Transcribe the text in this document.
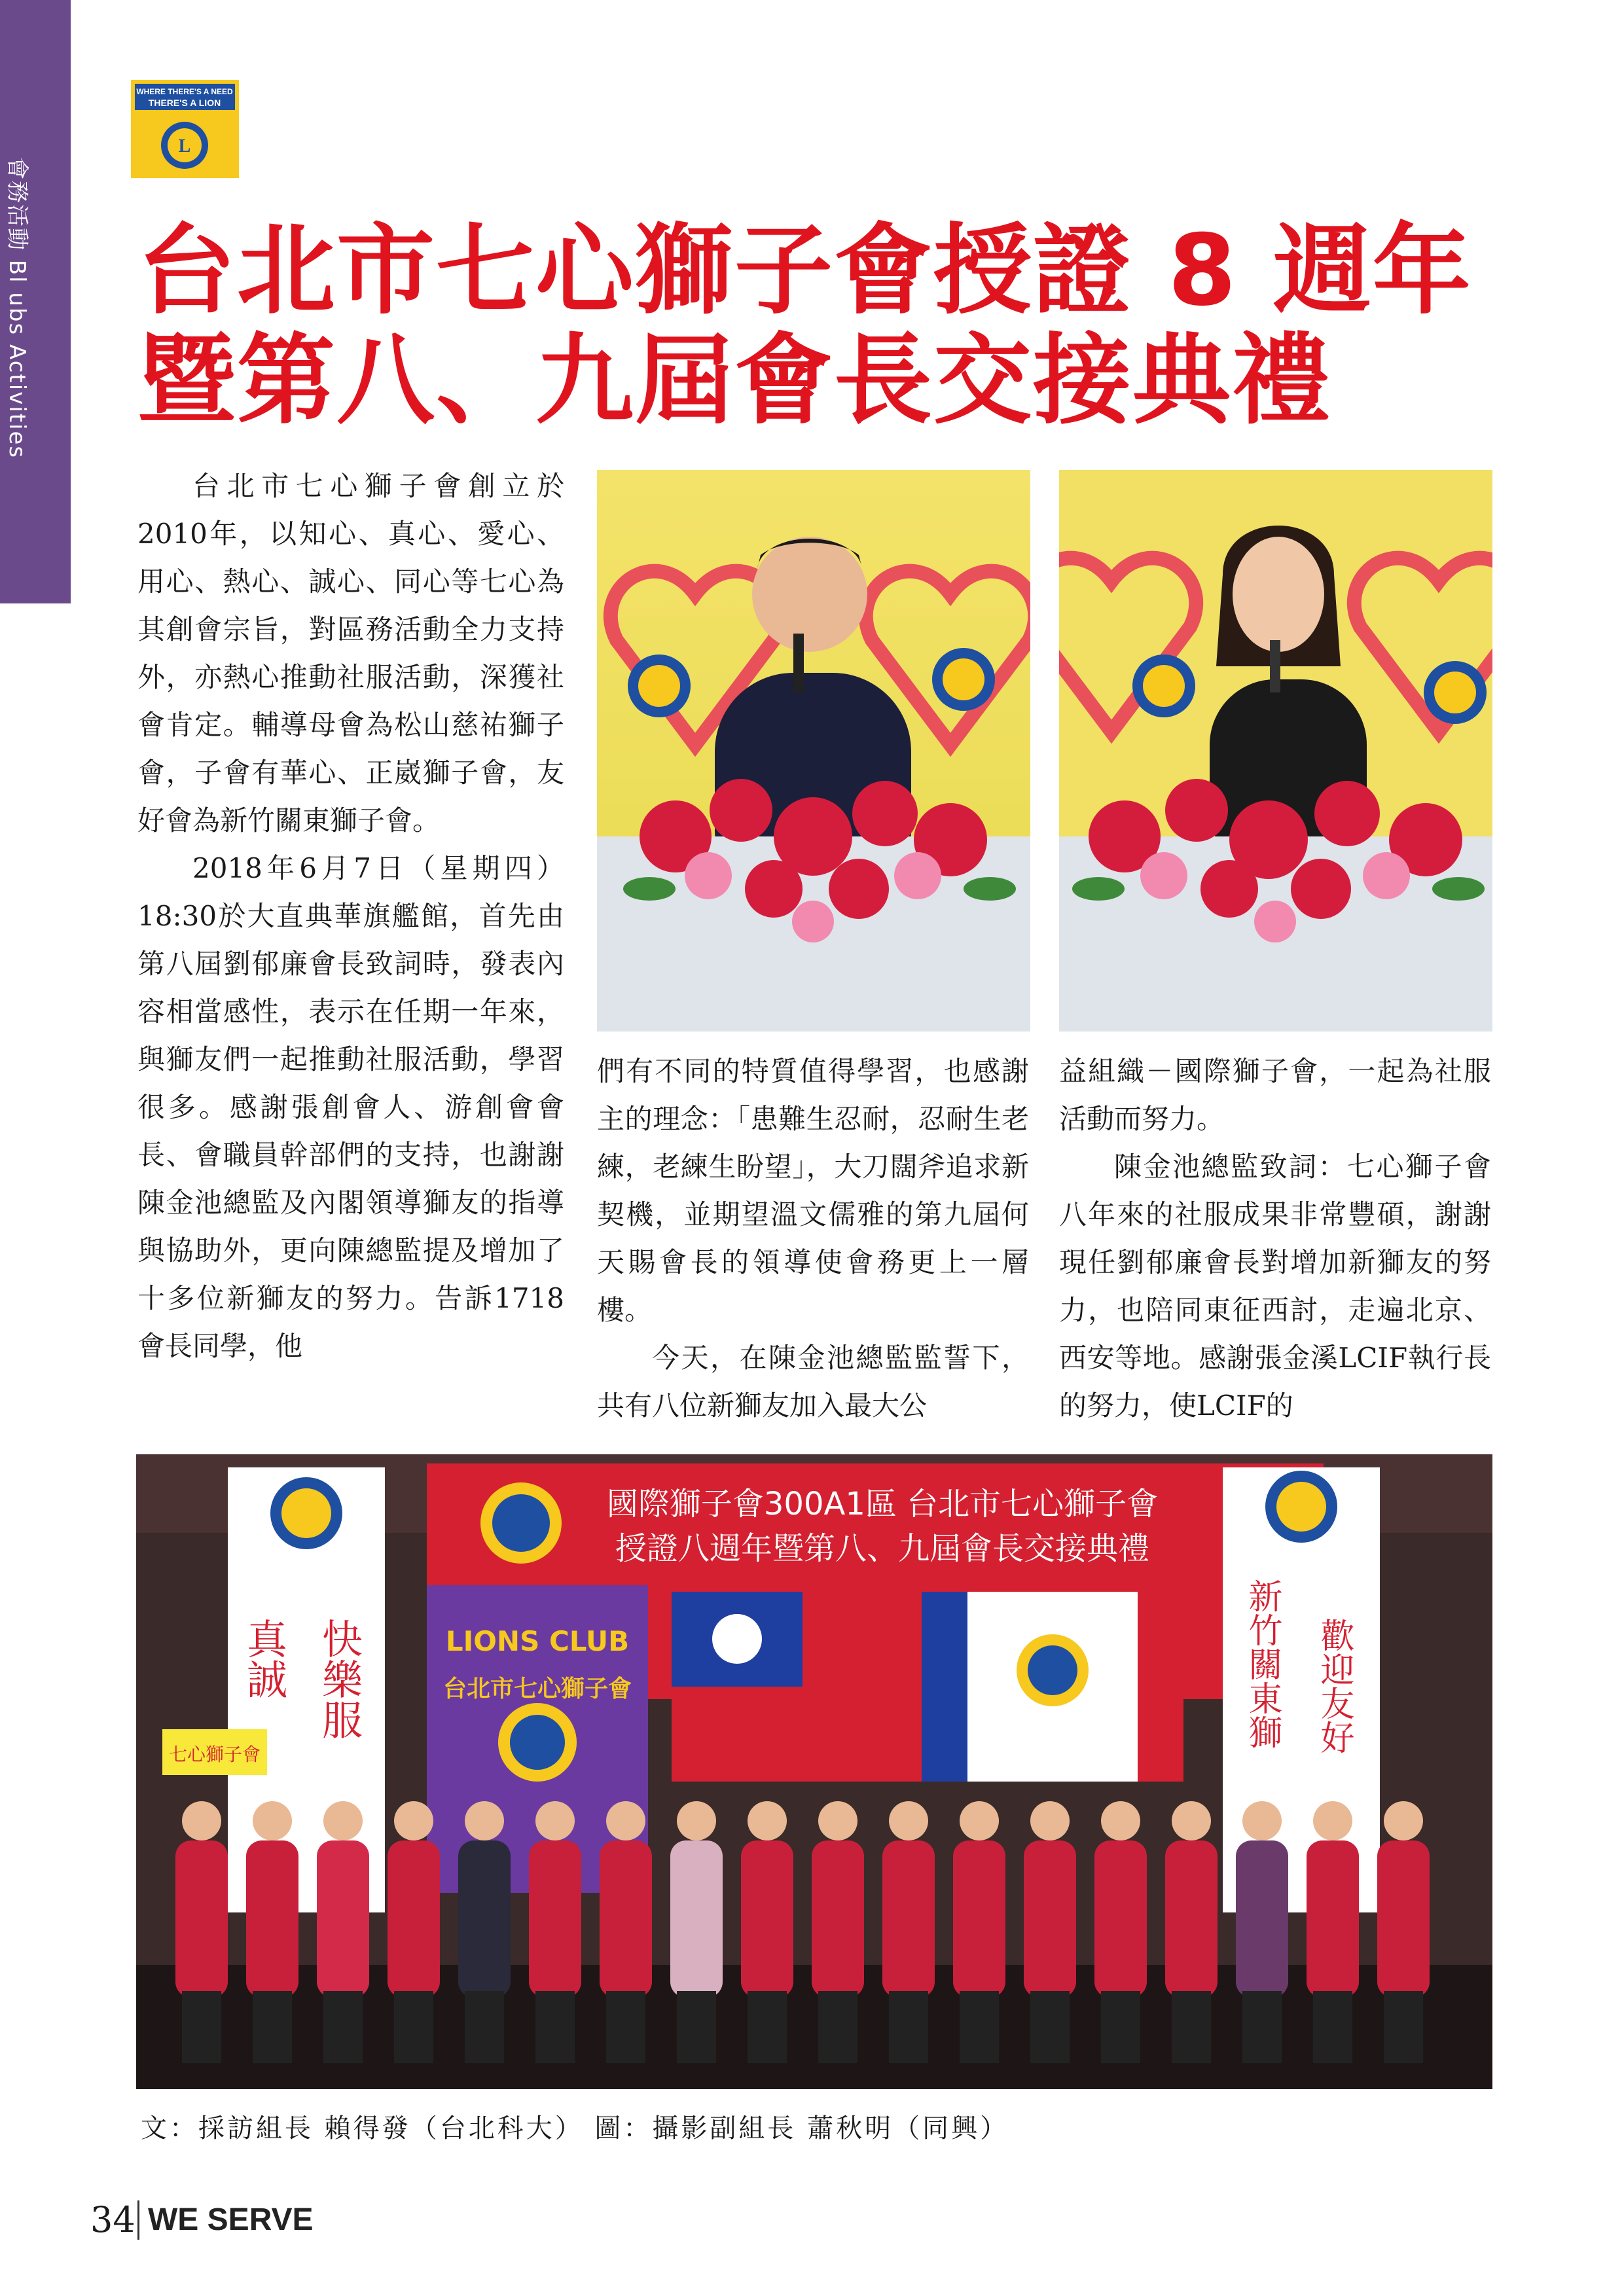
會務活動 Bl ubs Activities
WHERE THERE'S A NEED
THERE'S A LION
L
台北市七心獅子會授證 8 週年
暨第八、九屆會長交接典禮

台北市七心獅子會創立於2010年，以知心、真心、愛心、用心、熱心、誠心、同心等七心為其創會宗旨，對區務活動全力支持外，亦熱心推動社服活動，深獲社會肯定。輔導母會為松山慈祐獅子會，子會有華心、正崴獅子會，友好會為新竹關東獅子會。

2018年6月7日（星期四）18:30於大直典華旗艦館，首先由第八屆劉郁廉會長致詞時，發表內容相當感性，表示在任期一年來，與獅友們一起推動社服活動，學習很多。感謝張創會人、游創會會長、會職員幹部們的支持，也謝謝陳金池總監及內閣領導獅友的指導與協助外，更向陳總監提及增加了十多位新獅友的努力。告訴1718會長同學，他

們有不同的特質值得學習，也感謝主的理念：「患難生忍耐，忍耐生老練，老練生盼望」，大刀闊斧追求新契機，並期望溫文儒雅的第九屆何天賜會長的領導使會務更上一層樓。

今天，在陳金池總監監誓下，共有八位新獅友加入最大公

益組織－國際獅子會，一起為社服活動而努力。

陳金池總監致詞：七心獅子會八年來的社服成果非常豐碩，謝謝現任劉郁廉會長對增加新獅友的努力，也陪同東征西討，走遍北京、西安等地。感謝張金溪LCIF執行長的努力，使LCIF的

國際獅子會300A1區 台北市七心獅子會
授證八週年暨第八、九屆會長交接典禮
LIONS CLUB
台北市七心獅子會
真誠 快樂服	新竹關東獅 歡迎友好
七心獅子會
文：採訪組長 賴得發（台北科大） 圖：攝影副組長 蕭秋明（同興）
34 WE SERVE
